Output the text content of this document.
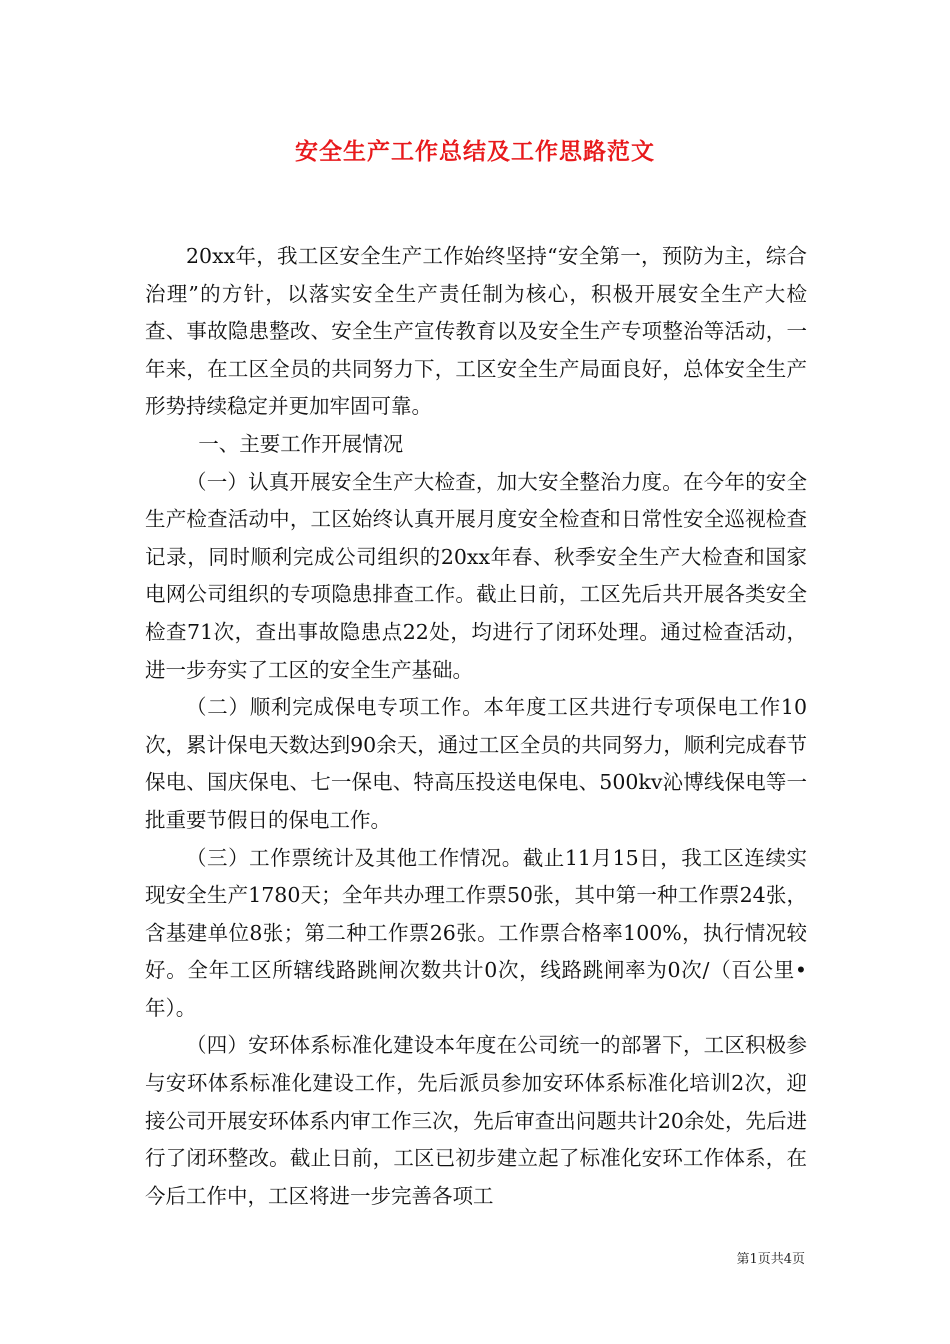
安全生产工作总结及工作思路范文

20xx年，我工区安全生产工作始终坚持“安全第一，预防为主，综合治理”的方针，以落实安全生产责任制为核心，积极开展安全生产大检查、事故隐患整改、安全生产宣传教育以及安全生产专项整治等活动，一年来，在工区全员的共同努力下，工区安全生产局面良好，总体安全生产形势持续稳定并更加牢固可靠。

一、主要工作开展情况

（一）认真开展安全生产大检查，加大安全整治力度。在今年的安全生产检查活动中，工区始终认真开展月度安全检查和日常性安全巡视检查记录，同时顺利完成公司组织的20xx年春、秋季安全生产大检查和国家电网公司组织的专项隐患排查工作。截止日前，工区先后共开展各类安全检查71次，查出事故隐患点22处，均进行了闭环处理。通过检查活动，进一步夯实了工区的安全生产基础。

（二）顺利完成保电专项工作。本年度工区共进行专项保电工作10次，累计保电天数达到90余天，通过工区全员的共同努力，顺利完成春节保电、国庆保电、七一保电、特高压投送电保电、500kv沁博线保电等一批重要节假日的保电工作。

（三）工作票统计及其他工作情况。截止11月15日，我工区连续实现安全生产1780天；全年共办理工作票50张，其中第一种工作票24张，含基建单位8张；第二种工作票26张。工作票合格率100%，执行情况较好。全年工区所辖线路跳闸次数共计0次，线路跳闸率为0次/（百公里•年）。

（四）安环体系标准化建设本年度在公司统一的部署下，工区积极参与安环体系标准化建设工作，先后派员参加安环体系标准化培训2次，迎接公司开展安环体系内审工作三次，先后审查出问题共计20余处，先后进行了闭环整改。截止日前，工区已初步建立起了标准化安环工作体系，在今后工作中，工区将进一步完善各项工

第1页共4页
